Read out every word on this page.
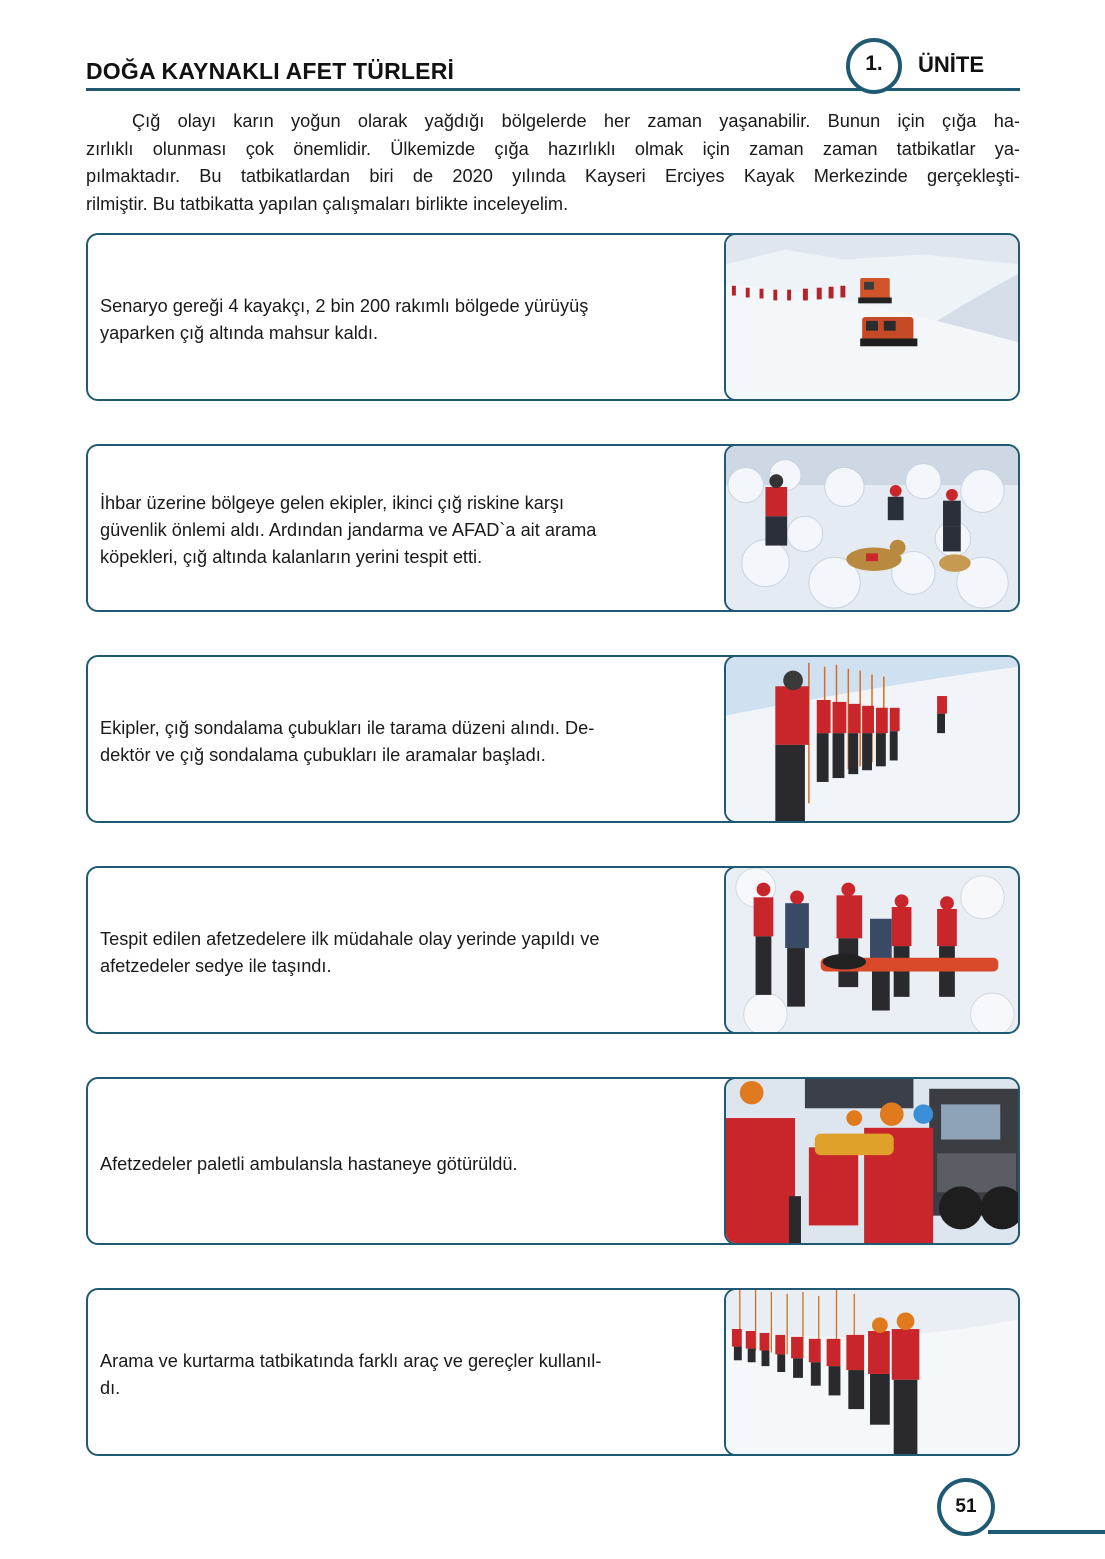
DOĞA KAYNAKLI AFET TÜRLERİ	1.	ÜNİTE
Çığ olayı karın yoğun olarak yağdığı bölgelerde her zaman yaşanabilir. Bunun için çığa ha-
zırlıklı olunması çok önemlidir. Ülkemizde çığa hazırlıklı olmak için zaman zaman tatbikatlar ya-
pılmaktadır. Bu tatbikatlardan biri de 2020 yılında Kayseri Erciyes Kayak Merkezinde gerçekleşti-
rilmiştir. Bu tatbikatta yapılan çalışmaları birlikte inceleyelim.
Senaryo gereği 4 kayakçı, 2 bin 200 rakımlı bölgede yürüyüş
yaparken çığ altında mahsur kaldı.
İhbar üzerine bölgeye gelen ekipler, ikinci çığ riskine karşı
güvenlik önlemi aldı. Ardından jandarma ve AFAD`a ait arama
köpekleri, çığ altında kalanların yerini tespit etti.
Ekipler, çığ sondalama çubukları ile tarama düzeni alındı. De-
dektör ve çığ sondalama çubukları ile aramalar başladı.
Tespit edilen afetzedelere ilk müdahale olay yerinde yapıldı ve
afetzedeler sedye ile taşındı.
Afetzedeler paletli ambulansla hastaneye götürüldü.
Arama ve kurtarma tatbikatında farklı araç ve gereçler kullanıl-
dı.
51
